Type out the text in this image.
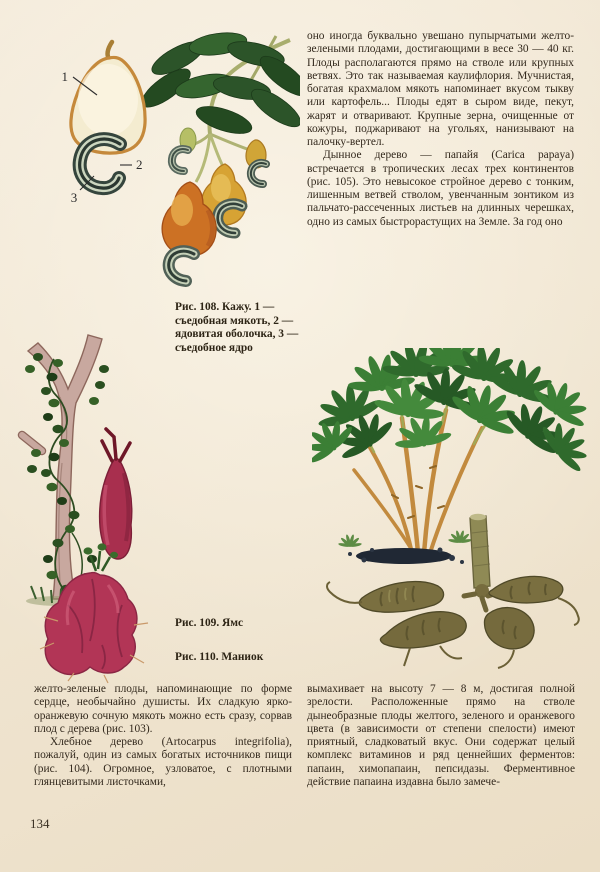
1
2
3
Рис. 108. Кажу. 1 — съедобная мякоть, 2 — ядовитая оболочка, 3 — съедобное ядро
Рис. 109. Ямс
Рис. 110. Маниок

оно иногда буквально увешано пупырчатыми желто-зелеными плодами, достигающими в весе 30 — 40 кг. Плоды располагаются прямо на стволе или крупных ветвях. Это так называемая каулифлория. Мучнистая, богатая крахмалом мякоть напоминает вкусом тыкву или картофель... Плоды едят в сыром виде, пекут, жарят и отваривают. Крупные зерна, очищенные от кожуры, поджаривают на угольях, нанизывают на палочку-вертел.

Дынное дерево — папайя (Carica papaya) встречается в тропических лесах трех континентов (рис. 105). Это невысокое стройное дерево с тонким, лишенным ветвей стволом, увенчанным зонтиком из пальчато-рассеченных листьев на длинных черешках, одно из самых быстрорастущих на Земле. За год оно

желто-зеленые плоды, напоминающие по форме сердце, необычайно душисты. Их сладкую ярко-оранжевую сочную мякоть можно есть сразу, сорвав плод с дерева (рис. 103).

Хлебное дерево (Artocarpus integrifolia), пожалуй, один из самых богатых источников пищи (рис. 104). Огромное, узловатое, с плотными глянцевитыми листочками,

вымахивает на высоту 7 — 8 м, достигая полной зрелости. Расположенные прямо на стволе дынеобразные плоды желтого, зеленого и оранжевого цвета (в зависимости от степени спелости) имеют приятный, сладковатый вкус. Они содержат целый комплекс витаминов и ряд ценнейших ферментов: папаин, химопапаин, пепсидазы. Ферментивное действие папаина издавна было замече-

134
